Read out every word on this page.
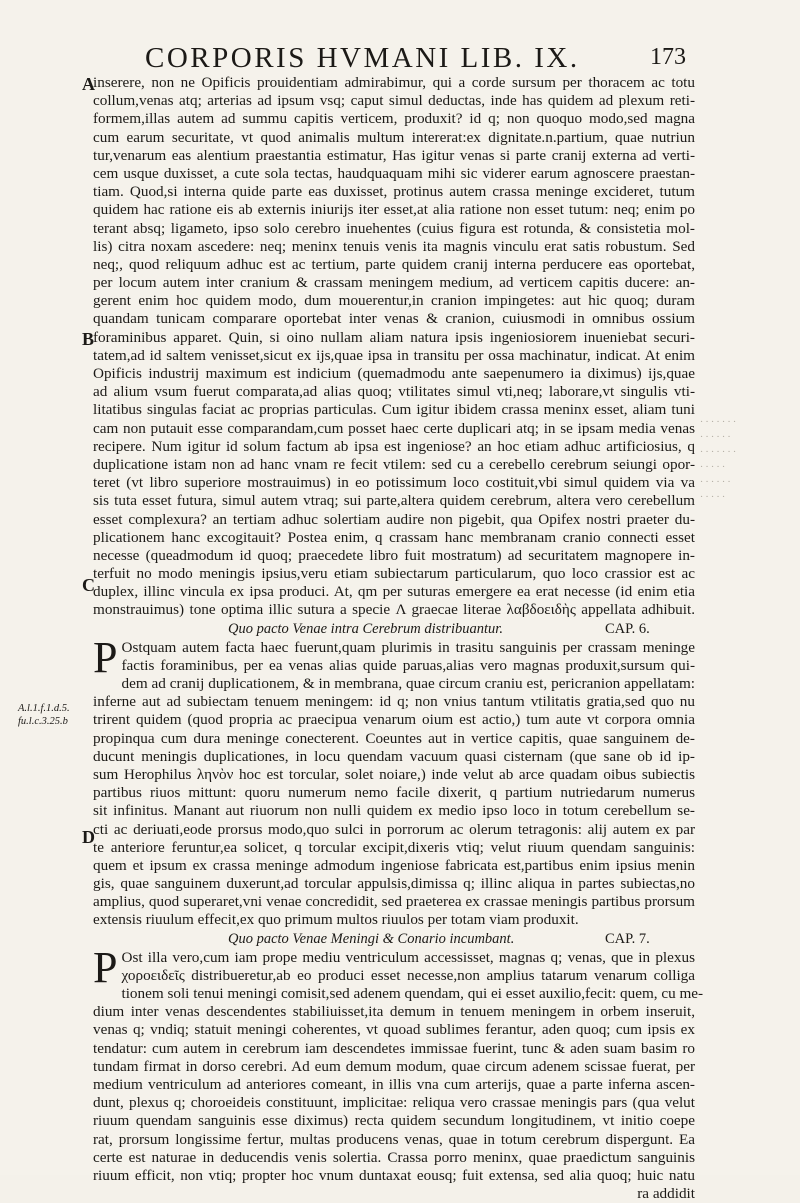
CORPORIS HVMANI LIB. IX.	173
A
B
C
D
A.l.1.f.1.d.5.
fu.l.c.3.25.b
inserere, non ne Opificis prouidentiam admirabimur, qui a corde sursum per thoracem ac totu
collum,venas atq; arterias ad ipsum vsq; caput simul deductas, inde has quidem ad plexum reti-
formem,illas autem ad summu capitis verticem, produxit? id q; non quoquo modo,sed magna
cum earum securitate, vt quod animalis multum intererat:ex dignitate.n.partium, quae nutriun
tur,venarum eas alentium praestantia estimatur, Has igitur venas si parte cranij externa ad verti-
cem usque duxisset, a cute sola tectas, haudquaquam mihi sic viderer earum agnoscere praestan-
tiam. Quod,si interna quide parte eas duxisset, protinus autem crassa meninge excideret, tutum
quidem hac ratione eis ab externis iniurijs iter esset,at alia ratione non esset tutum: neq; enim po
terant absq; ligameto, ipso solo cerebro inuehentes (cuius figura est rotunda, & consistetia mol-
lis) citra noxam ascedere: neq; meninx tenuis venis ita magnis vinculu erat satis robustum. Sed
neq;, quod reliquum adhuc est ac tertium, parte quidem cranij interna perducere eas oportebat,
per locum autem inter cranium & crassam meningem medium, ad verticem capitis ducere: an-
gerent enim hoc quidem modo, dum mouerentur,in cranion impingetes: aut hic quoq; duram
quandam tunicam comparare oportebat inter venas & cranion, cuiusmodi in omnibus ossium
foraminibus apparet. Quin, si oino nullam aliam natura ipsis ingeniosiorem inueniebat securi-
tatem,ad id saltem venisset,sicut ex ijs,quae ipsa in transitu per ossa machinatur, indicat. At enim
Opificis industrij maximum est indicium (quemadmodu ante saepenumero ia diximus) ijs,quae
ad alium vsum fuerut comparata,ad alias quoq; vtilitates simul vti,neq; laborare,vt singulis vti-
litatibus singulas faciat ac proprias particulas. Cum igitur ibidem crassa meninx esset, aliam tuni
cam non putauit esse comparandam,cum posset haec certe duplicari atq; in se ipsam media venas
recipere. Num igitur id solum factum ab ipsa est ingeniose? an hoc etiam adhuc artificiosius, q
duplicatione istam non ad hanc vnam re fecit vtilem: sed cu a cerebello cerebrum seiungi opor-
teret (vt libro superiore mostrauimus) in eo potissimum loco costituit,vbi simul quidem via va
sis tuta esset futura, simul autem vtraq; sui parte,altera quidem cerebrum, altera vero cerebellum
esset complexura? an tertiam adhuc solertiam audire non pigebit, qua Opifex nostri praeter du-
plicationem hanc excogitauit? Postea enim, q crassam hanc membranam cranio connecti esset
necesse (queadmodum id quoq; praecedete libro fuit mostratum) ad securitatem magnopere in-
terfuit no modo meningis ipsius,veru etiam subiectarum particularum, quo loco crassior est ac
duplex, illinc vincula ex ipsa produci. At, qm per suturas emergere ea erat necesse (id enim etia
monstrauimus) tone optima illic sutura a specie Λ graecae literae λαβδοειδὴς appellata adhibuit.
Quo pacto Venae intra Cerebrum distribuantur.	CAP. 6.
P Ostquam autem facta haec fuerunt,quam plurimis in trasitu sanguinis per crassam meninge
factis foraminibus, per ea venas alias quide paruas,alias vero magnas produxit,sursum qui-
dem ad cranij duplicationem, & in membrana, quae circum craniu est, pericranion appellatam:
inferne aut ad subiectam tenuem meningem: id q; non vnius tantum vtilitatis gratia,sed quo nu
trirent quidem (quod propria ac praecipua venarum oium est actio,) tum aute vt corpora omnia
propinqua cum dura meninge conecterent. Coeuntes aut in vertice capitis, quae sanguinem de-
ducunt meningis duplicationes, in locu quendam vacuum quasi cisternam (que sane ob id ip-
sum Herophilus ληνὸν hoc est torcular, solet noiare,) inde velut ab arce quadam oibus subiectis
partibus riuos mittunt: quoru numerum nemo facile dixerit, q partium nutriedarum numerus
sit infinitus. Manant aut riuorum non nulli quidem ex medio ipso loco in totum cerebellum se-
cti ac deriuati,eode prorsus modo,quo sulci in porrorum ac olerum tetragonis: alij autem ex par
te anteriore feruntur,ea solicet, q torcular excipit,dixeris vtiq; velut riuum quendam sanguinis:
quem et ipsum ex crassa meninge admodum ingeniose fabricata est,partibus enim ipsius menin
gis, quae sanguinem duxerunt,ad torcular appulsis,dimissa q; illinc aliqua in partes subiectas,no
amplius, quod superaret,vni venae concredidit, sed praeterea ex crassae meningis partibus prorsum
extensis riuulum effecit,ex quo primum multos riuulos per totam viam produxit.
Quo pacto Venae Meningi & Conario incumbant.	CAP. 7.
P Ost illa vero,cum iam prope mediu ventriculum accessisset, magnas q; venas, que in plexus
χοροειδεῖς distribueretur,ab eo produci esset necesse,non amplius tatarum venarum colliga
tionem soli tenui meningi comisit,sed adenem quendam, qui ei esset auxilio,fecit: quem, cu me-
dium inter venas descendentes stabiliuisset,ita demum in tenuem meningem in orbem inseruit,
venas q; vndiq; statuit meningi coherentes, vt quoad sublimes ferantur, aden quoq; cum ipsis ex
tendatur: cum autem in cerebrum iam descendetes immissae fuerint, tunc & aden suam basim ro
tundam firmat in dorso cerebri. Ad eum demum modum, quae circum adenem scissae fuerat, per
medium ventriculum ad anteriores comeant, in illis vna cum arterijs, quae a parte inferna ascen-
dunt, plexus q; choroeideis constituunt, implicitae: reliqua vero crassae meningis pars (qua velut
riuum quendam sanguinis esse diximus) recta quidem secundum longitudinem, vt initio coepe
rat, prorsum longissime fertur, multas producens venas, quae in totum cerebrum dispergunt. Ea
certe est naturae in deducendis venis solertia. Crassa porro meninx, quae praedictum sanguinis
riuum efficit, non vtiq; propter hoc vnum duntaxat eousq; fuit extensa, sed alia quoq; huic natu
ra addidit
· · · · · · ·
· · · · · ·
· · · · · · ·
· · · · ·
· · · · · ·
· · · · ·
